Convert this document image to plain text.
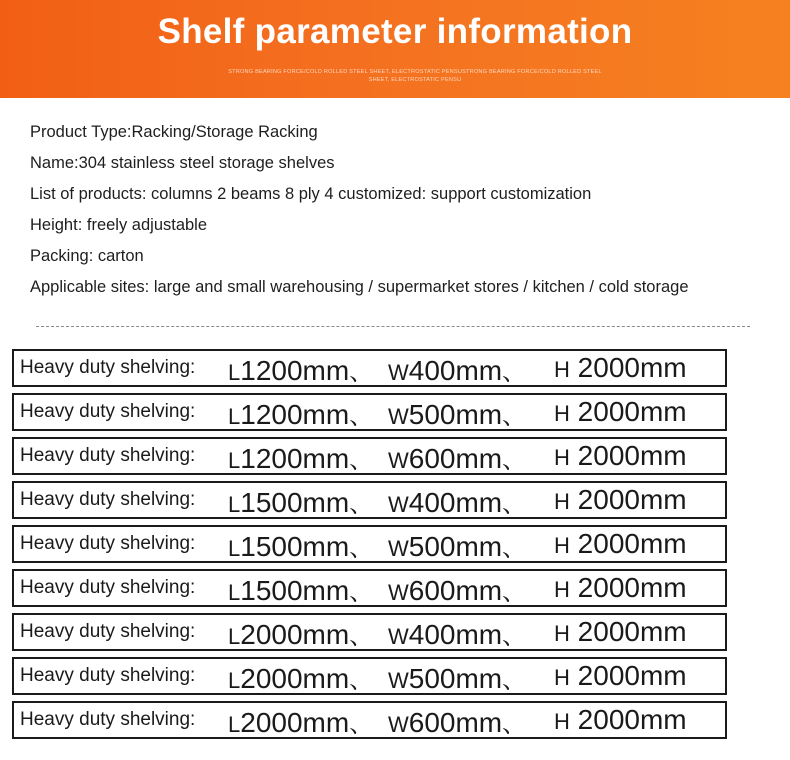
Shelf parameter information
STRONG BEARING FORCE/COLD ROLLED STEEL SHEET, ELECTROSTATIC PENSUSTRONG BEARING FORCE/COLD ROLLED STEEL SHEET, ELECTROSTATIC PENSU
Product Type:Racking/Storage Racking
Name:304 stainless steel storage shelves
List of products: columns 2 beams 8 ply 4 customized: support customization
Height: freely adjustable
Packing: carton
Applicable sites: large and small warehousing / supermarket stores / kitchen / cold storage
Heavy duty shelving: L1200mm、 W400mm、 H 2000mm
Heavy duty shelving: L1200mm、 W500mm、 H 2000mm
Heavy duty shelving: L1200mm、 W600mm、 H 2000mm
Heavy duty shelving: L1500mm、 W400mm、 H 2000mm
Heavy duty shelving: L1500mm、 W500mm、 H 2000mm
Heavy duty shelving: L1500mm、 W600mm、 H 2000mm
Heavy duty shelving: L2000mm、 W400mm、 H 2000mm
Heavy duty shelving: L2000mm、 W500mm、 H 2000mm
Heavy duty shelving: L2000mm、 W600mm、 H 2000mm
